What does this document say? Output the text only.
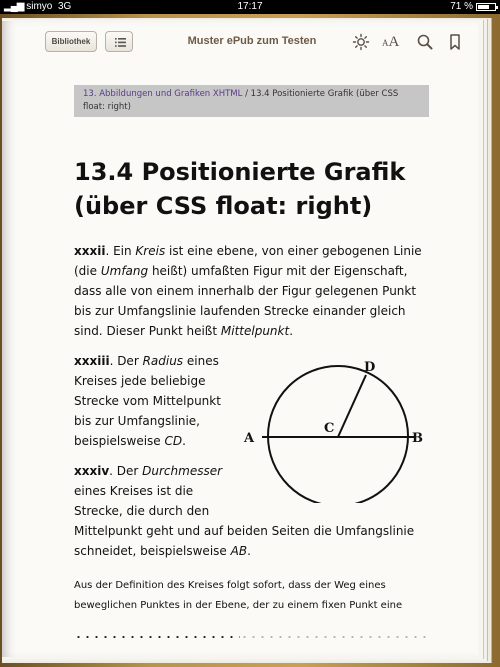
▂▄▆ simyo 3G	17:17	71 %
Bibliothek	Muster ePub zum Testen	AA
13. Abbildungen und Grafiken XHTML / 13.4 Positionierte Grafik (über CSS float: right)
13.4 Positionierte Grafik (über CSS float: right)
xxxii. Ein Kreis ist eine ebene, von einer gebogenen Linie (die Umfang heißt) umfaßten Figur mit der Eigenschaft, dass alle von einem innerhalb der Figur gelegenen Punkt bis zur Umfangslinie laufenden Strecke einander gleich sind. Dieser Punkt heißt Mittelpunkt.
xxxiii. Der Radius eines Kreises jede beliebige Strecke vom Mittelpunkt bis zur Umfangslinie, beispielsweise CD.
xxxiv. Der Durchmesser eines Kreises ist die Strecke, die durch den
Mittelpunkt geht und auf beiden Seiten die Umfangslinie schneidet, beispielsweise AB.
Aus der Definition des Kreises folgt sofort, dass der Weg eines beweglichen Punktes in der Ebene, der zu einem fixen Punkt eine
A	B
C
D
